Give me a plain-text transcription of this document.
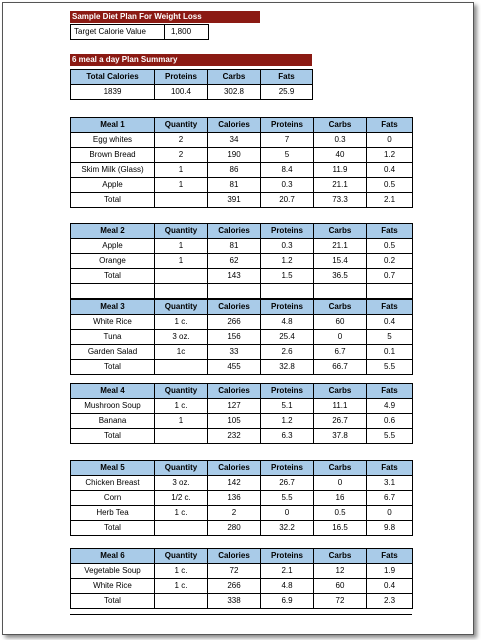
Sample Diet Plan For Weight Loss
Target Calorie Value	1,800
6 meal a day Plan Summary
Total Calories	Proteins	Carbs	Fats
1839	100.4	302.8	25.9
Meal 1	Quantity	Calories	Proteins	Carbs	Fats
Egg whites	2	34	7	0.3	0
Brown Bread	2	190	5	40	1.2
Skim Milk (Glass)	1	86	8.4	11.9	0.4
Apple	1	81	0.3	21.1	0.5
Total		391	20.7	73.3	2.1
Meal 2	Quantity	Calories	Proteins	Carbs	Fats
Apple	1	81	0.3	21.1	0.5
Orange	1	62	1.2	15.4	0.2
Total		143	1.5	36.5	0.7

Meal 3	Quantity	Calories	Proteins	Carbs	Fats
White Rice	1 c.	266	4.8	60	0.4
Tuna	3 oz.	156	25.4	0	5
Garden Salad	1c	33	2.6	6.7	0.1
Total		455	32.8	66.7	5.5
Meal 4	Quantity	Calories	Proteins	Carbs	Fats
Mushroon Soup	1 c.	127	5.1	11.1	4.9
Banana	1	105	1.2	26.7	0.6
Total		232	6.3	37.8	5.5
Meal 5	Quantity	Calories	Proteins	Carbs	Fats
Chicken Breast	3 oz.	142	26.7	0	3.1
Corn	1/2 c.	136	5.5	16	6.7
Herb Tea	1 c.	2	0	0.5	0
Total		280	32.2	16.5	9.8
Meal 6	Quantity	Calories	Proteins	Carbs	Fats
Vegetable Soup	1 c.	72	2.1	12	1.9
White Rice	1 c.	266	4.8	60	0.4
Total		338	6.9	72	2.3
